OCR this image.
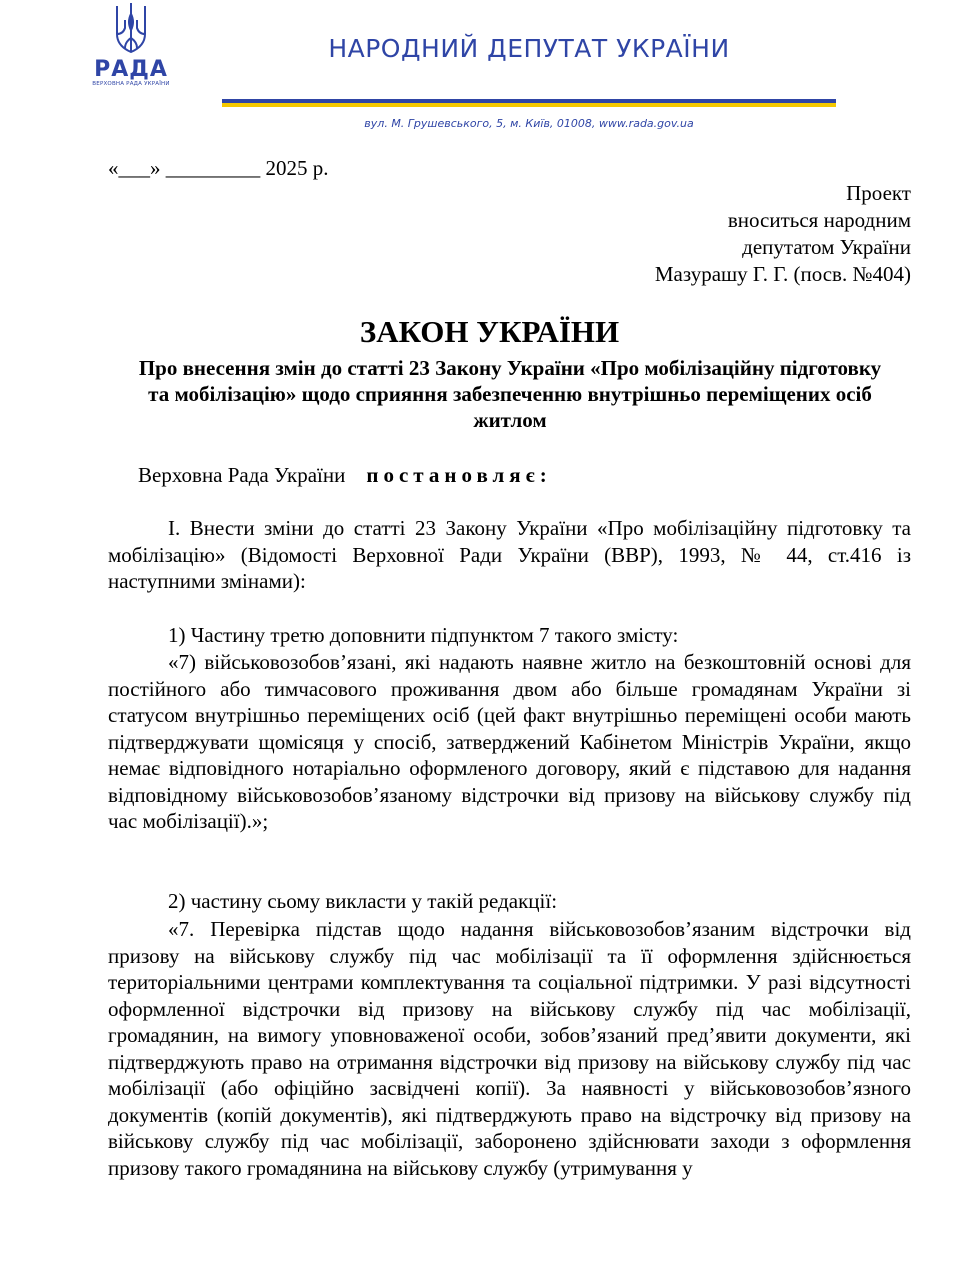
РАДА
ВЕРХОВНА РАДА УКРАЇНИ
НАРОДНИЙ ДЕПУТАТ УКРАЇНИ
вул. М. Грушевського, 5, м. Київ, 01008, www.rada.gov.ua
«___» _________ 2025 р.
Проект
вноситься народним
депутатом України
Мазурашу Г. Г. (посв. №404)
ЗАКОН УКРАЇНИ
Про внесення змін до статті 23 Закону України «Про мобілізаційну підготовку та мобілізацію» щодо сприяння забезпеченню внутрішньо переміщених осіб житлом
Верховна Рада України постановляє:
І. Внести зміни до статті 23 Закону України «Про мобілізаційну підготовку та мобілізацію» (Відомості Верховної Ради України (ВВР), 1993, № 44, ст.416 із наступними змінами):
1) Частину третю доповнити підпунктом 7 такого змісту:
«7) військовозобов’язані, які надають наявне житло на безкоштовній основі для постійного або тимчасового проживання двом або більше громадянам України зі статусом внутрішньо переміщених осіб (цей факт внутрішньо переміщені особи мають підтверджувати щомісяця у спосіб, затверджений Кабінетом Міністрів України, якщо немає відповідного нотаріально оформленого договору, який є підставою для надання відповідному військовозобов’язаному відстрочки від призову на військову службу під час мобілізації).»;
2) частину сьому викласти у такій редакції:
«7. Перевірка підстав щодо надання військовозобов’язаним відстрочки від призову на військову службу під час мобілізації та її оформлення здійснюється територіальними центрами комплектування та соціальної підтримки. У разі відсутності оформленної відстрочки від призову на військову службу під час мобілізації, громадянин, на вимогу уповноваженої особи, зобов’язаний пред’явити документи, які підтверджують право на отримання відстрочки від призову на військову службу під час мобілізації (або офіційно засвідчені копії). За наявності у військовозобов’язного документів (копій документів), які підтверджують право на відстрочку від призову на військову службу під час мобілізації, заборонено здійснювати заходи з оформлення призову такого громадянина на військову службу (утримування у
